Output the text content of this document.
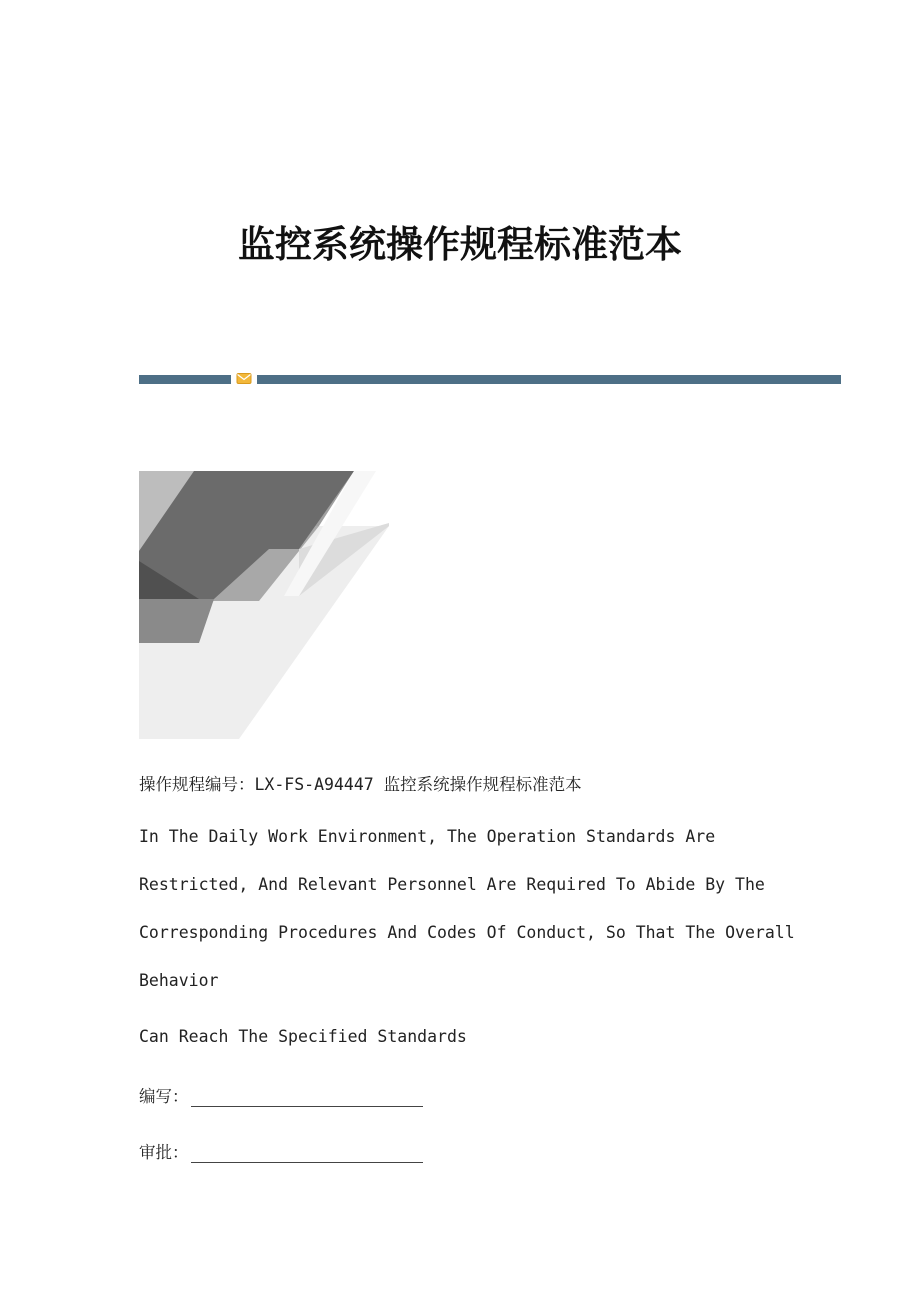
监控系统操作规程标准范本
操作规程编号：LX-FS-A94447 监控系统操作规程标准范本
In The Daily Work Environment, The Operation Standards Are
Restricted, And Relevant Personnel Are Required To Abide By The
Corresponding Procedures And Codes Of Conduct, So That The Overall
Behavior
Can Reach The Specified Standards
编写：
审批：
